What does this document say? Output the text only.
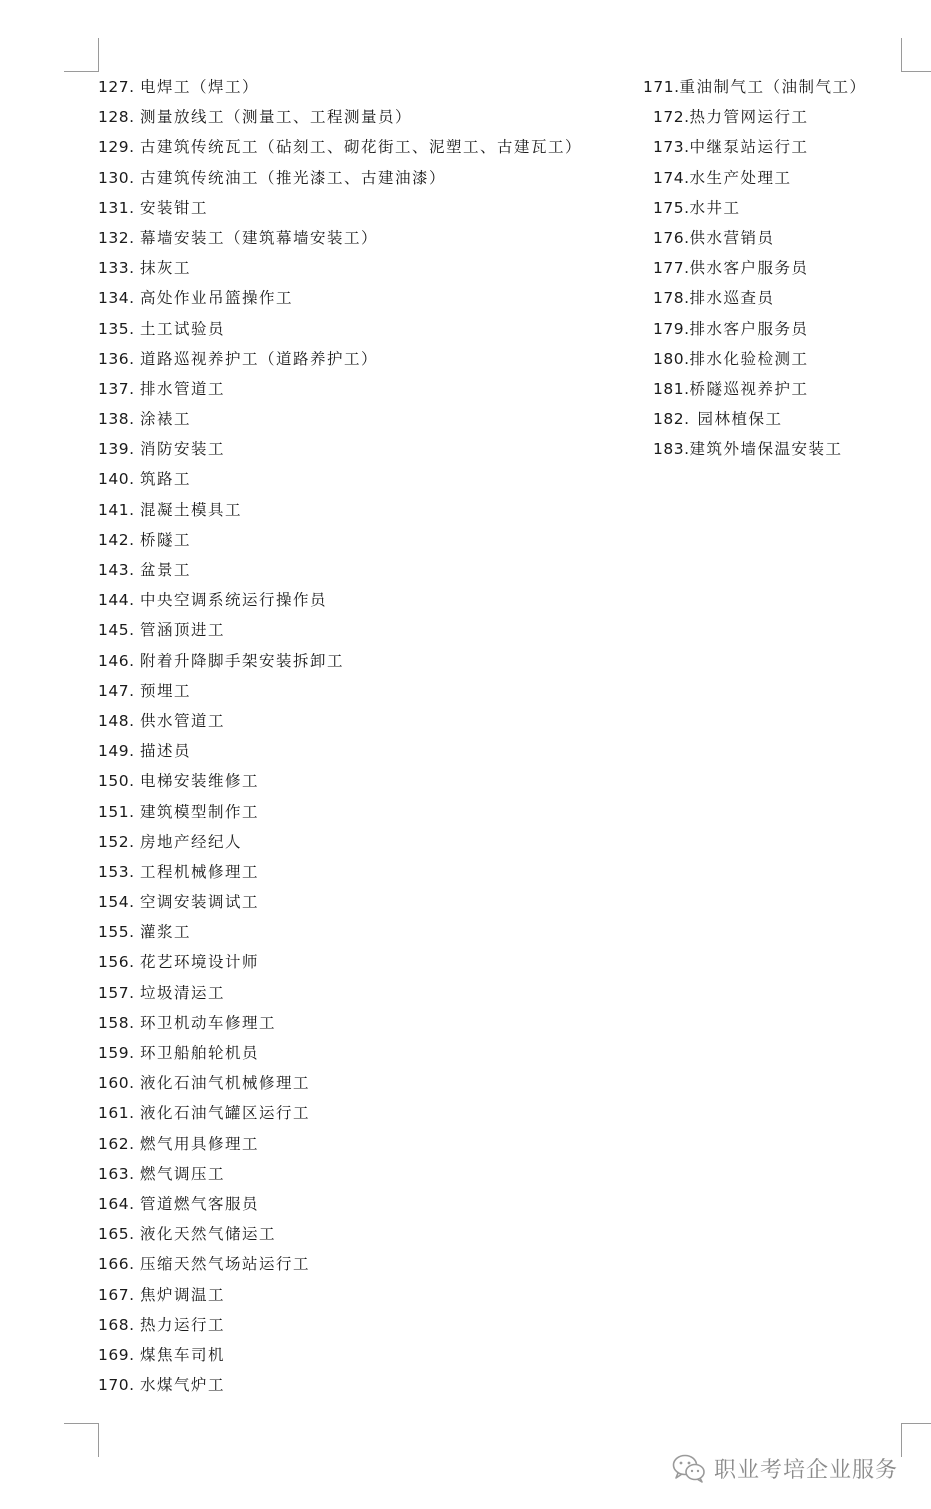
127. 电焊工（焊工）
128. 测量放线工（测量工、工程测量员）
129. 古建筑传统瓦工（砧刻工、砌花街工、泥塑工、古建瓦工）
130. 古建筑传统油工（推光漆工、古建油漆）
131. 安装钳工
132. 幕墙安装工（建筑幕墙安装工）
133. 抹灰工
134. 高处作业吊篮操作工
135. 土工试验员
136. 道路巡视养护工（道路养护工）
137. 排水管道工
138. 涂裱工
139. 消防安装工
140. 筑路工
141. 混凝土模具工
142. 桥隧工
143. 盆景工
144. 中央空调系统运行操作员
145. 管涵顶进工
146. 附着升降脚手架安装拆卸工
147. 预埋工
148. 供水管道工
149. 描述员
150. 电梯安装维修工
151. 建筑模型制作工
152. 房地产经纪人
153. 工程机械修理工
154. 空调安装调试工
155. 灌浆工
156. 花艺环境设计师
157. 垃圾清运工
158. 环卫机动车修理工
159. 环卫船舶轮机员
160. 液化石油气机械修理工
161. 液化石油气罐区运行工
162. 燃气用具修理工
163. 燃气调压工
164. 管道燃气客服员
165. 液化天然气储运工
166. 压缩天然气场站运行工
167. 焦炉调温工
168. 热力运行工
169. 煤焦车司机
170. 水煤气炉工
171.重油制气工（油制气工）
172.热力管网运行工
173.中继泵站运行工
174.水生产处理工
175.水井工
176.供水营销员
177.供水客户服务员
178.排水巡查员
179.排水客户服务员
180.排水化验检测工
181.桥隧巡视养护工
182. 园林植保工
183.建筑外墙保温安装工
职业考培企业服务
